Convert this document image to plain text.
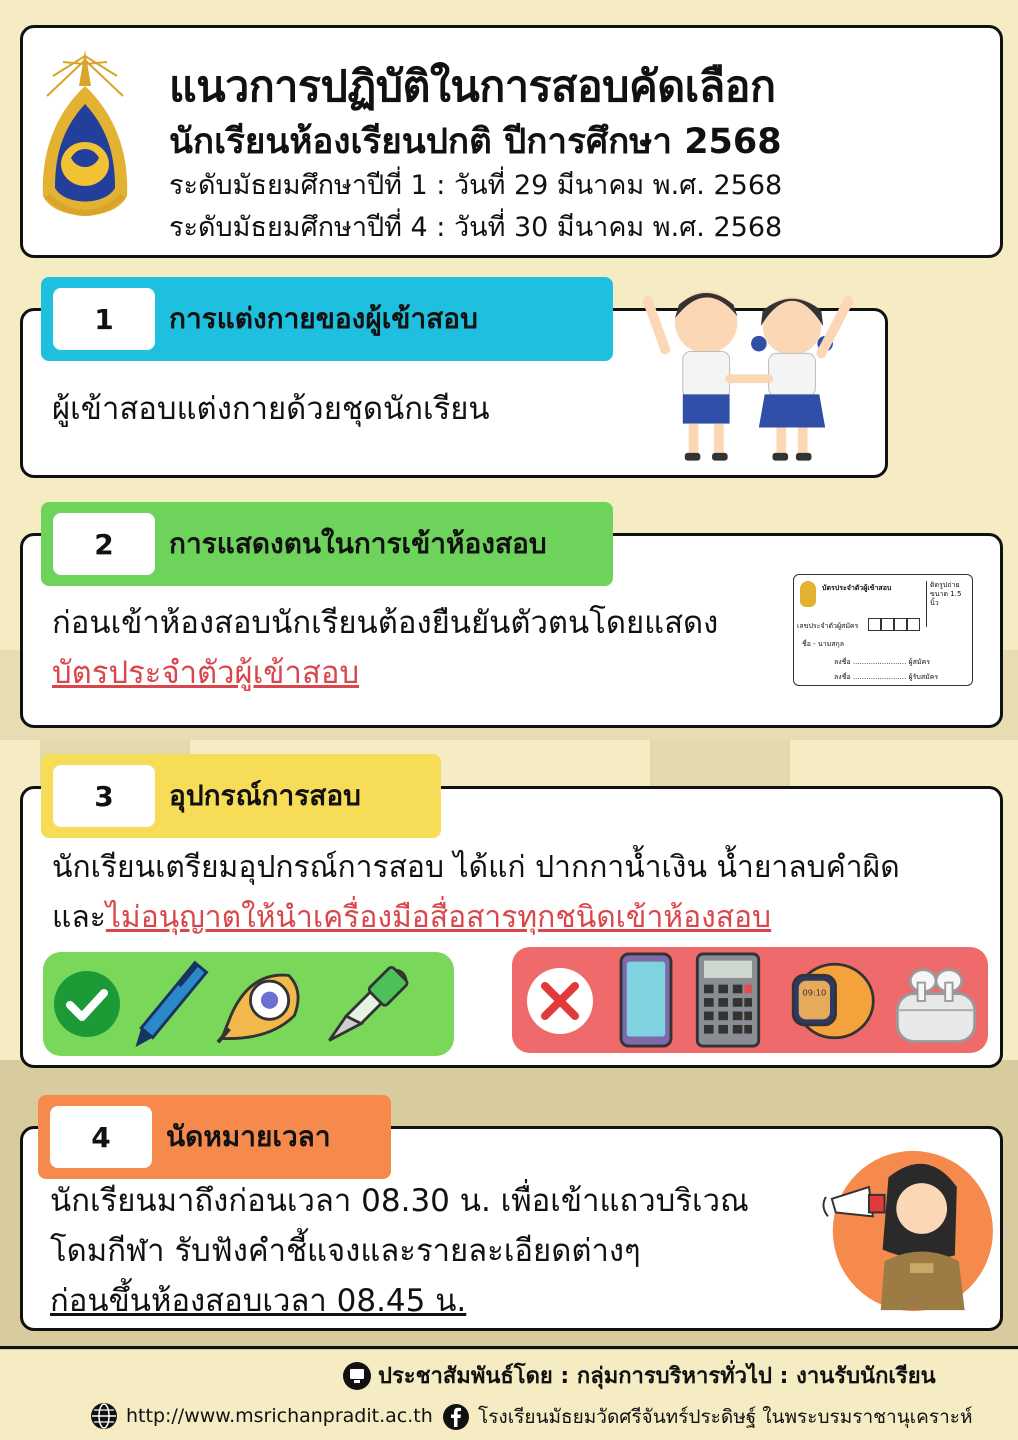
แนวการปฏิบัติในการสอบคัดเลือก
นักเรียนห้องเรียนปกติ ปีการศึกษา 2568
ระดับมัธยมศึกษาปีที่ 1 : วันที่ 29 มีนาคม พ.ศ. 2568
ระดับมัธยมศึกษาปีที่ 4 : วันที่ 30 มีนาคม พ.ศ. 2568
1	การแต่งกายของผู้เข้าสอบ
ผู้เข้าสอบแต่งกายด้วยชุดนักเรียน
2	การแสดงตนในการเข้าห้องสอบ
ก่อนเข้าห้องสอบนักเรียนต้องยืนยันตัวตนโดยแสดง
บัตรประจำตัวผู้เข้าสอบ
บัตรประจำตัวผู้เข้าสอบ	ติดรูปถ่าย ขนาด 1.5 นิ้ว
เลขประจำตัวผู้สมัคร
ชื่อ - นามสกุล
ลงชื่อ ........................ ผู้สมัคร
ลงชื่อ ........................ ผู้รับสมัคร
3	อุปกรณ์การสอบ
นักเรียนเตรียมอุปกรณ์การสอบ ได้แก่ ปากกาน้ำเงิน น้ำยาลบคำผิด
และไม่อนุญาตให้นำเครื่องมือสื่อสารทุกชนิดเข้าห้องสอบ
09:10
4	นัดหมายเวลา
นักเรียนมาถึงก่อนเวลา 08.30 น. เพื่อเข้าแถวบริเวณ
โดมกีฬา รับฟังคำชี้แจงและรายละเอียดต่างๆ
ก่อนขึ้นห้องสอบเวลา 08.45 น.
ประชาสัมพันธ์โดย : กลุ่มการบริหารทั่วไป : งานรับนักเรียน
http://www.msrichanpradit.ac.th โรงเรียนมัธยมวัดศรีจันทร์ประดิษฐ์ ในพระบรมราชานุเคราะห์
